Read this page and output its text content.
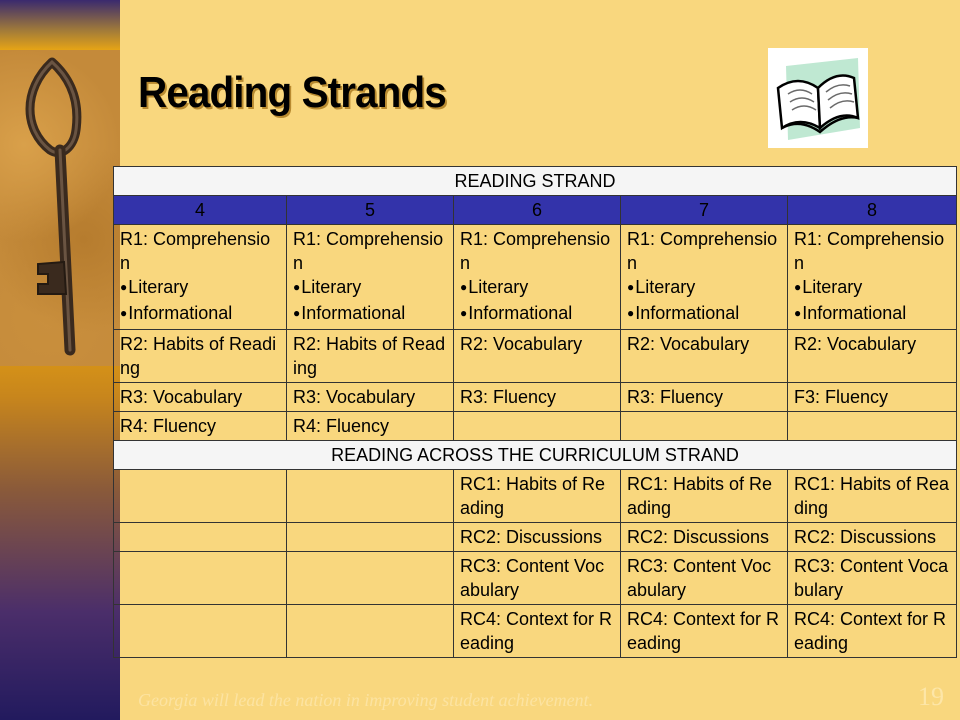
Reading Strands
READING STRAND				
4	5	6	7	8

R1: Comprehensio n
●Literary
●Informational	R1: Comprehensio n
●Literary
●Informational	R1: Comprehensio n
●Literary
●Informational	R1: Comprehensio n
●Literary
●Informational	R1: Comprehensio n
●Literary
●Informational

R2: Habits of Reading	R2: Habits of Reading	R2: Vocabulary	R2: Vocabulary	R2: Vocabulary
R3: Vocabulary	R3: Vocabulary	R3: Fluency	R3: Fluency	F3: Fluency
R4: Fluency	R4: Fluency			
READING ACROSS THE CURRICULUM STRAND				
		RC1: Habits of Reading	RC1: Habits of Reading	RC1: Habits of Reading
		RC2: Discussions	RC2: Discussions	RC2: Discussions
		RC3: Content Vocabulary	RC3: Content Vocabulary	RC3: Content Vocabulary
		RC4: Context for Reading	RC4: Context for Reading	RC4: Context for Reading
Georgia will lead the nation in improving student achievement.	19
